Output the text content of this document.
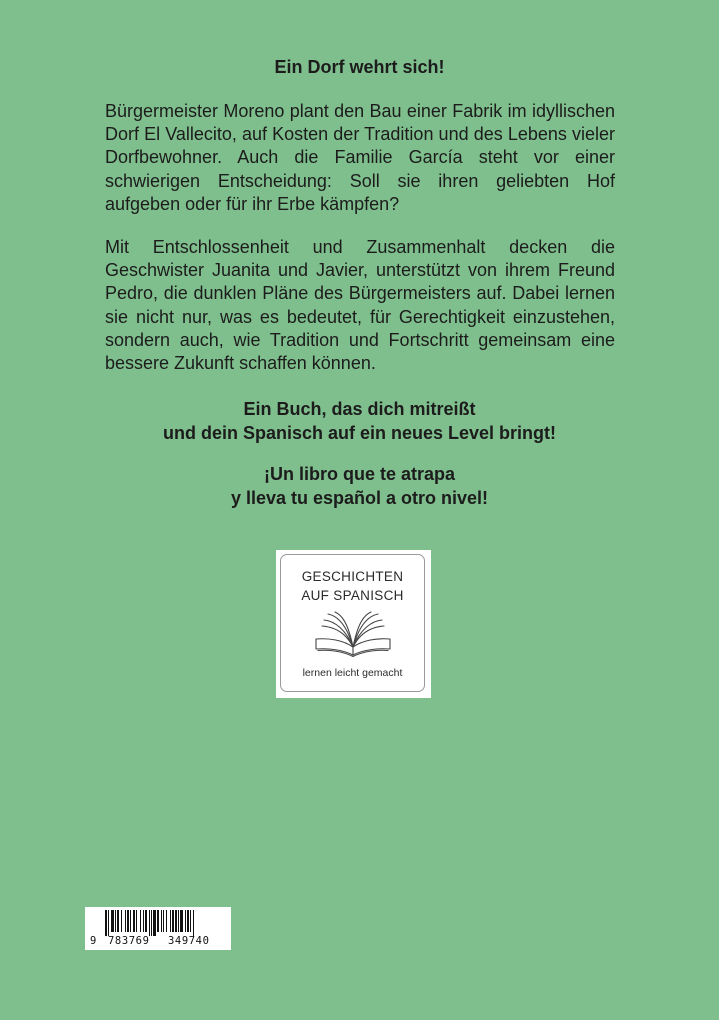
Ein Dorf wehrt sich!

Bürgermeister Moreno plant den Bau einer Fabrik im idyllischen Dorf El Vallecito, auf Kosten der Tradition und des Lebens vieler Dorfbewohner. Auch die Familie García steht vor einer schwierigen Entscheidung: Soll sie ihren geliebten Hof aufgeben oder für ihr Erbe kämpfen?

Mit Entschlossenheit und Zusammenhalt decken die Geschwister Juanita und Javier, unterstützt von ihrem Freund Pedro, die dunklen Pläne des Bürgermeisters auf. Dabei lernen sie nicht nur, was es bedeutet, für Gerechtigkeit einzustehen, sondern auch, wie Tradition und Fortschritt gemeinsam eine bessere Zukunft schaffen können.

Ein Buch, das dich mitreißt
und dein Spanisch auf ein neues Level bringt!
¡Un libro que te atrapa
y lleva tu español a otro nivel!
GESCHICHTEN
AUF SPANISCH
lernen leicht gemacht
9 783769 349740
